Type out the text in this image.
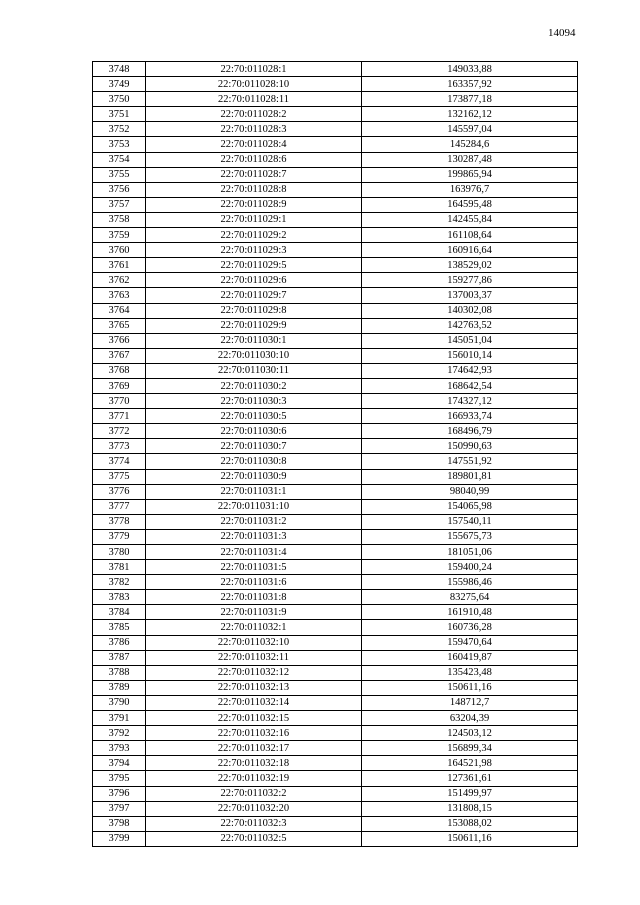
14094
3748	22:70:011028:1	149033,88
3749	22:70:011028:10	163357,92
3750	22:70:011028:11	173877,18
3751	22:70:011028:2	132162,12
3752	22:70:011028:3	145597,04
3753	22:70:011028:4	145284,6
3754	22:70:011028:6	130287,48
3755	22:70:011028:7	199865,94
3756	22:70:011028:8	163976,7
3757	22:70:011028:9	164595,48
3758	22:70:011029:1	142455,84
3759	22:70:011029:2	161108,64
3760	22:70:011029:3	160916,64
3761	22:70:011029:5	138529,02
3762	22:70:011029:6	159277,86
3763	22:70:011029:7	137003,37
3764	22:70:011029:8	140302,08
3765	22:70:011029:9	142763,52
3766	22:70:011030:1	145051,04
3767	22:70:011030:10	156010,14
3768	22:70:011030:11	174642,93
3769	22:70:011030:2	168642,54
3770	22:70:011030:3	174327,12
3771	22:70:011030:5	166933,74
3772	22:70:011030:6	168496,79
3773	22:70:011030:7	150990,63
3774	22:70:011030:8	147551,92
3775	22:70:011030:9	189801,81
3776	22:70:011031:1	98040,99
3777	22:70:011031:10	154065,98
3778	22:70:011031:2	157540,11
3779	22:70:011031:3	155675,73
3780	22:70:011031:4	181051,06
3781	22:70:011031:5	159400,24
3782	22:70:011031:6	155986,46
3783	22:70:011031:8	83275,64
3784	22:70:011031:9	161910,48
3785	22:70:011032:1	160736,28
3786	22:70:011032:10	159470,64
3787	22:70:011032:11	160419,87
3788	22:70:011032:12	135423,48
3789	22:70:011032:13	150611,16
3790	22:70:011032:14	148712,7
3791	22:70:011032:15	63204,39
3792	22:70:011032:16	124503,12
3793	22:70:011032:17	156899,34
3794	22:70:011032:18	164521,98
3795	22:70:011032:19	127361,61
3796	22:70:011032:2	151499,97
3797	22:70:011032:20	131808,15
3798	22:70:011032:3	153088,02
3799	22:70:011032:5	150611,16
